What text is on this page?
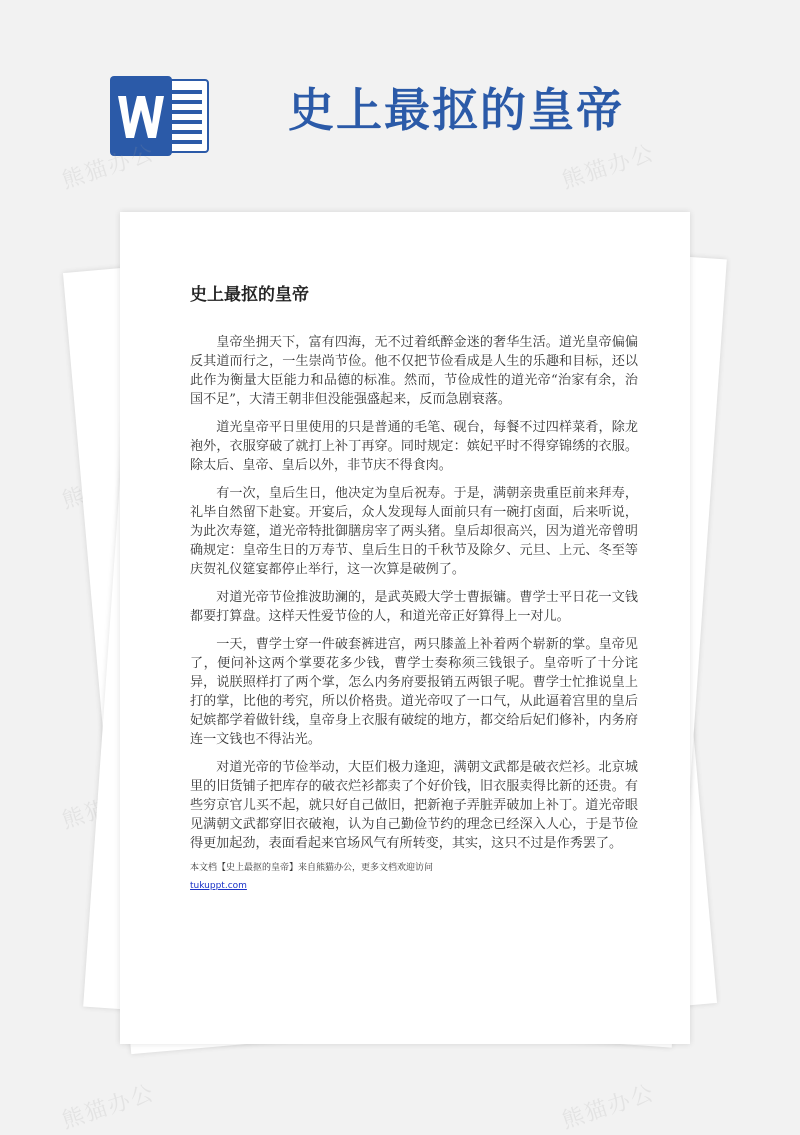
史上最抠的皇帝
熊猫办公	熊猫办公
熊猫办公	熊猫办公
史上最抠的皇帝

皇帝坐拥天下，富有四海，无不过着纸醉金迷的奢华生活。道光皇帝偏偏反其道而行之，一生崇尚节俭。他不仅把节俭看成是人生的乐趣和目标，还以此作为衡量大臣能力和品德的标准。然而，节俭成性的道光帝“治家有余，治国不足”，大清王朝非但没能强盛起来，反而急剧衰落。

道光皇帝平日里使用的只是普通的毛笔、砚台，每餐不过四样菜肴，除龙袍外，衣服穿破了就打上补丁再穿。同时规定：嫔妃平时不得穿锦绣的衣服。除太后、皇帝、皇后以外，非节庆不得食肉。

有一次，皇后生日，他决定为皇后祝寿。于是，满朝亲贵重臣前来拜寿，礼毕自然留下赴宴。开宴后，众人发现每人面前只有一碗打卤面，后来听说，为此次寿筵，道光帝特批御膳房宰了两头猪。皇后却很高兴，因为道光帝曾明确规定：皇帝生日的万寿节、皇后生日的千秋节及除夕、元旦、上元、冬至等庆贺礼仪筵宴都停止举行，这一次算是破例了。

对道光帝节俭推波助澜的，是武英殿大学士曹振镛。曹学士平日花一文钱都要打算盘。这样天性爱节俭的人，和道光帝正好算得上一对儿。

一天，曹学士穿一件破套裤进宫，两只膝盖上补着两个崭新的掌。皇帝见了，便问补这两个掌要花多少钱，曹学士奏称须三钱银子。皇帝听了十分诧异，说朕照样打了两个掌，怎么内务府要报销五两银子呢。曹学士忙推说皇上打的掌，比他的考究，所以价格贵。道光帝叹了一口气，从此逼着宫里的皇后妃嫔都学着做针线，皇帝身上衣服有破绽的地方，都交给后妃们修补，内务府连一文钱也不得沾光。

对道光帝的节俭举动，大臣们极力逢迎，满朝文武都是破衣烂衫。北京城里的旧货铺子把库存的破衣烂衫都卖了个好价钱，旧衣服卖得比新的还贵。有些穷京官儿买不起，就只好自己做旧，把新袍子弄脏弄破加上补丁。道光帝眼见满朝文武都穿旧衣破袍，认为自己勤俭节约的理念已经深入人心，于是节俭得更加起劲，表面看起来官场风气有所转变，其实，这只不过是作秀罢了。

本文档【史上最抠的皇帝】来自熊猫办公，更多文档欢迎访问
tukuppt.com
